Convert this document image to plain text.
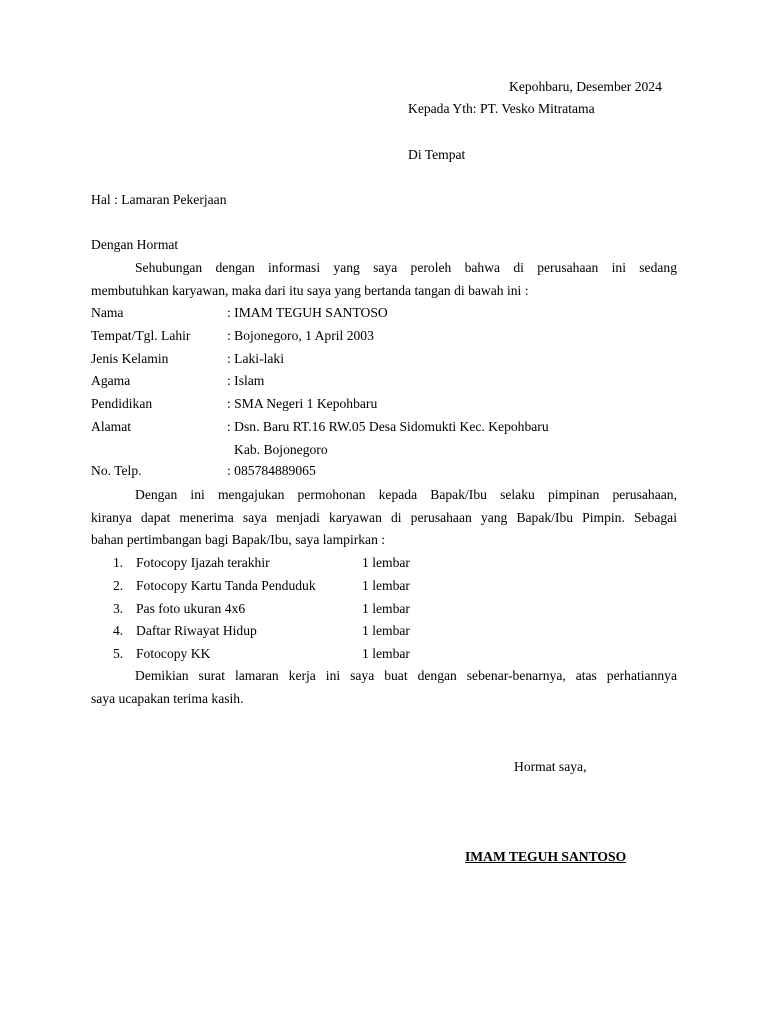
Kepohbaru, Desember 2024
Kepada Yth: PT. Vesko Mitratama
Di Tempat
Hal : Lamaran Pekerjaan
Dengan Hormat
Sehubungan dengan informasi yang saya peroleh bahwa di perusahaan ini sedang
membutuhkan karyawan, maka dari itu saya yang bertanda tangan di bawah ini :
Nama	: IMAM TEGUH SANTOSO
Tempat/Tgl. Lahir	: Bojonegoro, 1 April 2003
Jenis Kelamin	: Laki-laki
Agama	: Islam
Pendidikan	: SMA Negeri 1 Kepohbaru
Alamat	: Dsn. Baru RT.16 RW.05 Desa Sidomukti Kec. Kepohbaru
Kab. Bojonegoro
No. Telp.	: 085784889065
Dengan ini mengajukan permohonan kepada Bapak/Ibu selaku pimpinan perusahaan,
kiranya dapat menerima saya menjadi karyawan di perusahaan yang Bapak/Ibu Pimpin. Sebagai
bahan pertimbangan bagi Bapak/Ibu, saya lampirkan :
1. Fotocopy Ijazah terakhir	1 lembar
2. Fotocopy Kartu Tanda Penduduk	1 lembar
3. Pas foto ukuran 4x6	1 lembar
4. Daftar Riwayat Hidup	1 lembar
5. Fotocopy KK	1 lembar
Demikian surat lamaran kerja ini saya buat dengan sebenar-benarnya, atas perhatiannya
saya ucapakan terima kasih.
Hormat saya,
IMAM TEGUH SANTOSO
